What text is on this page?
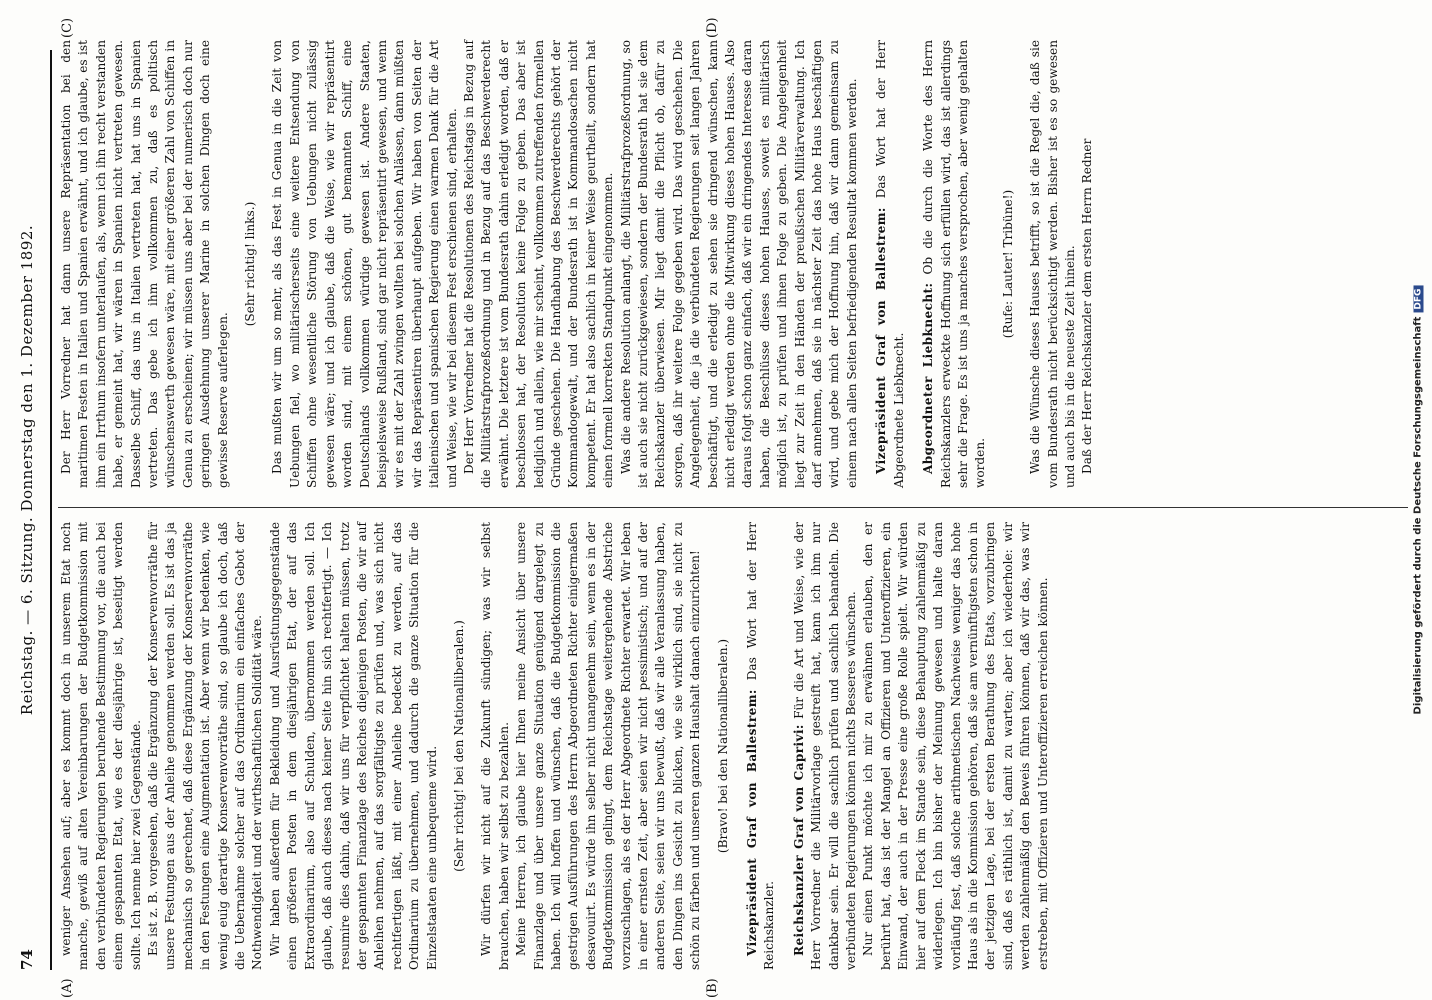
74
Reichstag. — 6. Sitzung. Donnerstag den 1. Dezember 1892.
(A)	(B)
(C)	(D)

weniger Ansehen auf; aber es kommt doch in unserem Etat noch manche, gewiß auf alten Vereinbarungen der Budgetkommission mit den verbündeten Regierungen beruhende Bestimmung vor, die auch bei einem gespannten Etat, wie es der diesjährige ist, beseitigt werden sollte. Ich nenne hier zwei Gegenstände. Es ist z. B. vorgesehen, daß die Ergänzung der Konservenvorräthe für unsere Festungen aus der Anleihe genommen werden soll. Es ist das ja mechanisch so gerechnet, daß diese Ergänzung der Konservenvorräthe in den Festungen eine Augmentation ist. Aber wenn wir bedenken, wie wenig euig derartige Konservenvorräthe sind, so glaube ich doch, daß die Uebernahme solcher auf das Ordinarium ein einfaches Gebot der Nothwendigkeit und der wirthschaftlichen Solidität wäre. Wir haben außerdem für Bekleidung und Ausrüstungsgegenstände einen größeren Posten in dem diesjährigen Etat, der auf das Extraordinarium, also auf Schulden, übernommen werden soll. Ich glaube, daß auch dieses nach keiner Seite hin sich rechtfertigt. — Ich resumire dies dahin, daß wir uns für verpflichtet halten müssen, trotz der gespannten Finanzlage des Reiches diejenigen Posten, die wir auf Anleihen nehmen, auf das sorgfältigste zu prüfen und, was sich nicht rechtfertigen läßt, mit einer Anleihe bedeckt zu werden, auf das Ordinarium zu übernehmen, und dadurch die ganze Situation für die Einzelstaaten eine unbequeme wird. (Sehr richtig! bei den Nationalliberalen.) Wir dürfen wir nicht auf die Zukunft sündigen; was wir selbst brauchen, haben wir selbst zu bezahlen. Meine Herren, ich glaube hier Ihnen meine Ansicht über unsere Finanzlage und über unsere ganze Situation genügend dargelegt zu haben. Ich will hoffen und wünschen, daß die Budgetkommission die gestrigen Ausführungen des Herrn Abgeordneten Richter einigermaßen desavouirt. Es würde ihn selber nicht unangenehm sein, wenn es in der Budgetkommission gelingt, dem Reichstage weitergehende Abstriche vorzuschlagen, als es der Herr Abgeordnete Richter erwartet. Wir leben in einer ernsten Zeit, aber seien wir nicht pessimistisch; und auf der anderen Seite, seien wir uns bewußt, daß wir alle Veranlassung haben, den Dingen ins Gesicht zu blicken, wie sie wirklich sind, sie nicht zu schön zu färben und unseren ganzen Haushalt danach einzurichten! (Bravo! bei den Nationalliberalen.) Vizepräsident Graf von Ballestrem: Das Wort hat der Herr Reichskanzler. Reichskanzler Graf von Caprivi: Für die Art und Weise, wie der Herr Vorredner die Militärvorlage gestreift hat, kann ich ihm nur dankbar sein. Er will die sachlich prüfen und sachlich behandeln. Die verbündeten Regierungen können nichts Besseres wünschen. Nur einen Punkt möchte ich mir zu erwähnen erlauben, den er berührt hat, das ist der Mangel an Offizieren und Unteroffizieren, ein Einwand, der auch in der Presse eine große Rolle spielt. Wir würden hier auf dem Fleck im Stande sein, diese Behauptung zahlenmäßig zu widerlegen. Ich bin bisher der Meinung gewesen und halte daran vorläufig fest, daß solche arithmetischen Nachweise weniger das hohe Haus als in die Kommission gehören, daß sie am vernünftigsten schon in der jetzigen Lage, bei der ersten Berathung des Etats, vorzubringen sind, daß es räthlich ist, damit zu warten; aber ich wiederhole: wir werden zahlenmäßig den Beweis führen können, daß wir das, was wir erstreben, mit Offizieren und Unteroffizieren erreichen können.

Der Herr Vorredner hat dann unsere Repräsentation bei den maritimen Festen in Italien und Spanien erwähnt, und ich glaube, es ist ihm ein Irrthum insofern unterlaufen, als, wenn ich ihn recht verstanden habe, er gemeint hat, wir wären in Spanien nicht vertreten gewesen. Dasselbe Schiff, das uns in Italien vertreten hat, hat uns in Spanien vertreten. Das gebe ich ihm vollkommen zu, daß es politisch wünschenswerth gewesen wäre, mit einer größeren Zahl von Schiffen in Genua zu erscheinen; wir müssen uns aber bei der numerisch doch nur geringen Ausdehnung unserer Marine in solchen Dingen doch eine gewisse Reserve auferlegen.

(Sehr richtig! links.) Das mußten wir um so mehr, als das Fest in Genua in die Zeit von Uebungen fiel, wo militärischerseits eine weitere Entsendung von Schiffen ohne wesentliche Störung von Uebungen nicht zulässig gewesen wäre; und ich glaube, daß die Weise, wie wir repräsentirt worden sind, mit einem schönen, gut bemannten Schiff, eine Deutschlands vollkommen würdige gewesen ist. Andere Staaten, beispielsweise Rußland, sind gar nicht repräsentirt gewesen, und wenn wir es mit der Zahl zwingen wollten bei solchen Anlässen, dann müßten wir das Repräsentiren überhaupt aufgeben. Wir haben von Seiten der italienischen und spanischen Regierung einen warmen Dank für die Art und Weise, wie wir bei diesem Fest erschienen sind, erhalten. Der Herr Vorredner hat die Resolutionen des Reichstags in Bezug auf die Militärstrafprozeßordnung und in Bezug auf das Beschwerderecht erwähnt. Die letztere ist vom Bundesrath dahin erledigt worden, daß er beschlossen hat, der Resolution keine Folge zu geben. Das aber ist lediglich und allein, wie mir scheint, vollkommen zutreffenden formellen Gründe geschehen. Die Handhabung des Beschwerderechts gehört der Kommandogewalt, und der Bundesrath ist in Kommandosachen nicht kompetent. Er hat also sachlich in keiner Weise geurtheilt, sondern hat einen formell korrekten Standpunkt eingenommen. Was die andere Resolution anlangt, die Militärstrafprozeßordnung, so ist auch sie nicht zurückgewiesen, sondern der Bundesrath hat sie dem Reichskanzler überwiesen. Mir liegt damit die Pflicht ob, dafür zu sorgen, daß ihr weitere Folge gegeben wird. Das wird geschehen. Die Angelegenheit, die ja die verbündeten Regierungen seit langen Jahren beschäftigt, und die erledigt zu sehen sie dringend wünschen, kann nicht erledigt werden ohne die Mitwirkung dieses hohen Hauses. Also daraus folgt schon ganz einfach, daß wir ein dringendes Interesse daran haben, die Beschlüsse dieses hohen Hauses, soweit es militärisch möglich ist, zu prüfen und ihnen Folge zu geben. Die Angelegenheit liegt zur Zeit in den Händen der preußischen Militärverwaltung. Ich darf annehmen, daß sie in nächster Zeit das hohe Haus beschäftigen wird, und gebe mich der Hoffnung hin, daß wir dann gemeinsam zu einem nach allen Seiten befriedigenden Resultat kommen werden. Vizepräsident Graf von Ballestrem: Das Wort hat der Herr Abgeordnete Liebknecht. Abgeordneter Liebknecht: Ob die durch die Worte des Herrn Reichskanzlers erweckte Hoffnung sich erfüllen wird, das ist allerdings sehr die Frage. Es ist uns ja manches versprochen, aber wenig gehalten worden.

(Rufe: Lauter! Tribüne!) Was die Wünsche dieses Hauses betrifft, so ist die Regel die, daß sie vom Bundesrath nicht berücksichtigt werden. Bisher ist es so gewesen und auch bis in die neueste Zeit hinein. Daß der Herr Reichskanzler dem ersten Herrn Redner

Digitalisierung gefördert durch die Deutsche ForschungsgemeinschaftDFG
